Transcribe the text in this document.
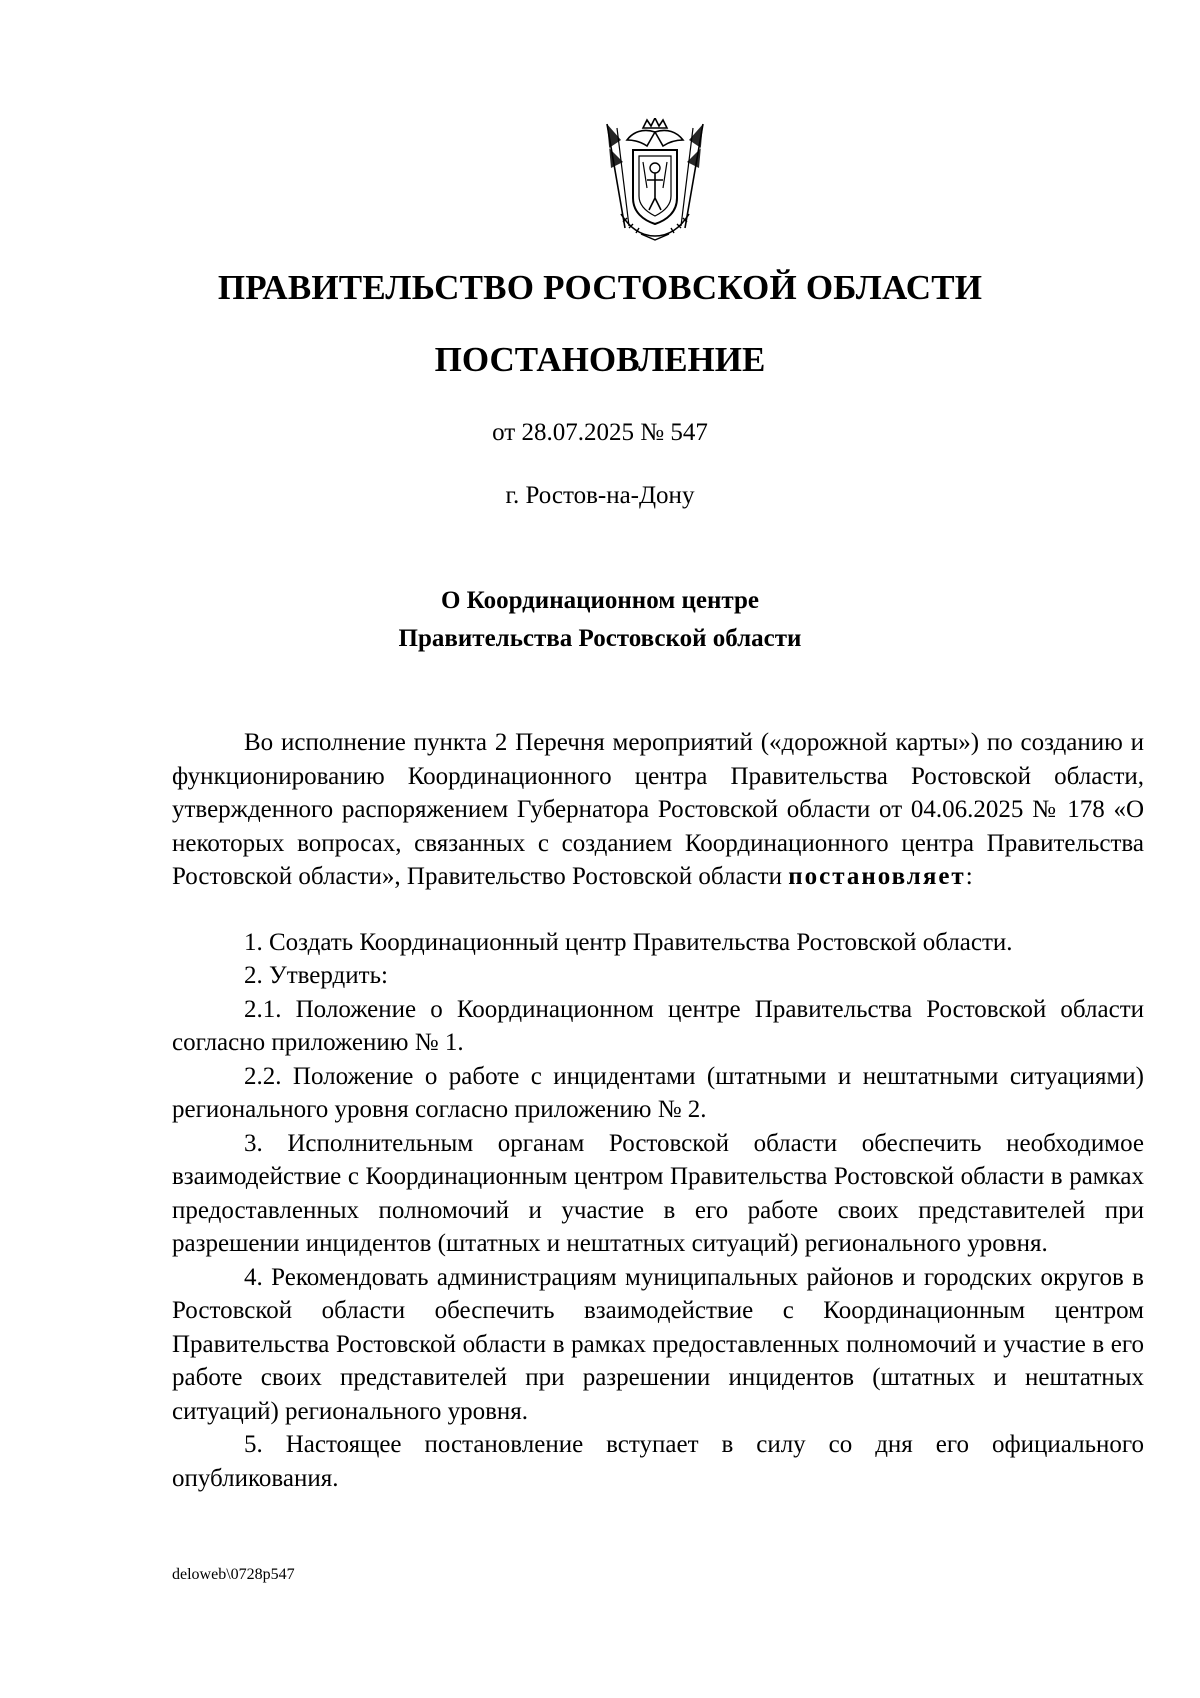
ПРАВИТЕЛЬСТВО РОСТОВСКОЙ ОБЛАСТИ
ПОСТАНОВЛЕНИЕ
от 28.07.2025 № 547
г. Ростов-на-Дону
О Координационном центре
Правительства Ростовской области

Во исполнение пункта 2 Перечня мероприятий («дорожной карты») по созданию и функционированию Координационного центра Правительства Ростовской области, утвержденного распоряжением Губернатора Ростовской области от 04.06.2025 № 178 «О некоторых вопросах, связанных с созданием Координационного центра Правительства Ростовской области», Правительство Ростовской области постановляет:

1. Создать Координационный центр Правительства Ростовской области.

2. Утвердить:

2.1. Положение о Координационном центре Правительства Ростовской области согласно приложению № 1.

2.2. Положение о работе с инцидентами (штатными и нештатными ситуациями) регионального уровня согласно приложению № 2.

3. Исполнительным органам Ростовской области обеспечить необходимое взаимодействие с Координационным центром Правительства Ростовской области в рамках предоставленных полномочий и участие в его работе своих представителей при разрешении инцидентов (штатных и нештатных ситуаций) регионального уровня.

4. Рекомендовать администрациям муниципальных районов и городских округов в Ростовской области обеспечить взаимодействие с Координационным центром Правительства Ростовской области в рамках предоставленных полномочий и участие в его работе своих представителей при разрешении инцидентов (штатных и нештатных ситуаций) регионального уровня.

5. Настоящее постановление вступает в силу со дня его официального опубликования.

deloweb\0728p547
